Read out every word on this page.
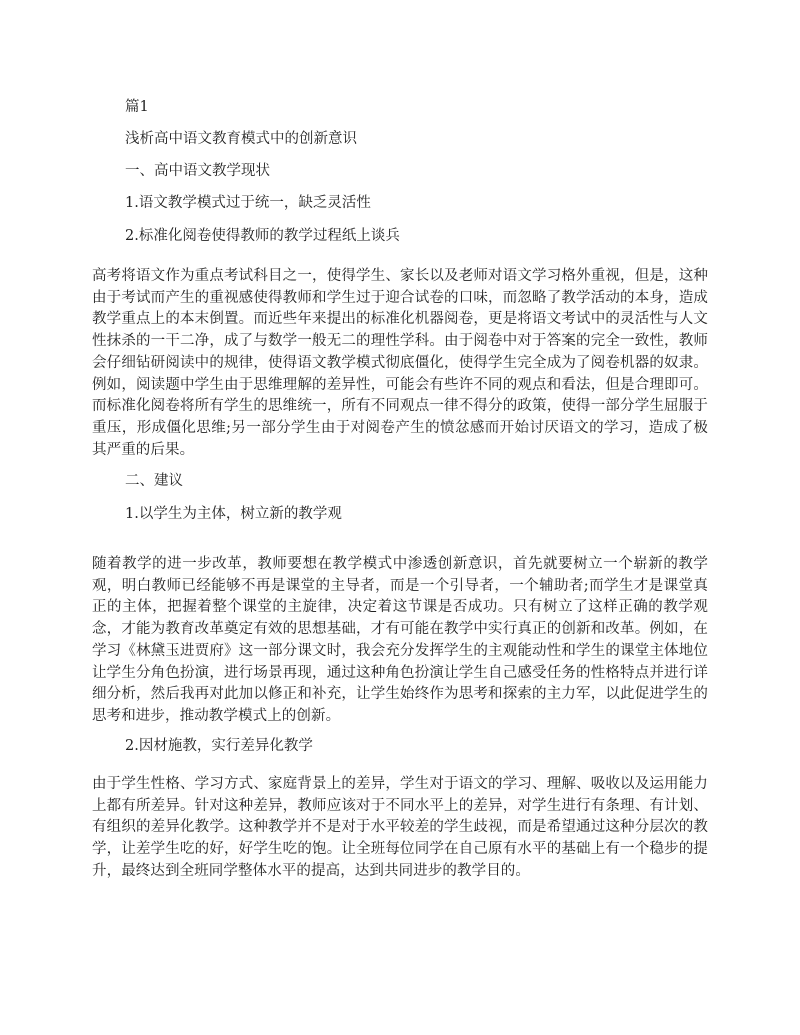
篇1
浅析高中语文教育模式中的创新意识
一、高中语文教学现状
1.语文教学模式过于统一，缺乏灵活性
2.标准化阅卷使得教师的教学过程纸上谈兵
高考将语文作为重点考试科目之一，使得学生、家长以及老师对语文学习格外重视，但是，这种由于考试而产生的重视感使得教师和学生过于迎合试卷的口味，而忽略了教学活动的本身，造成教学重点上的本末倒置。而近些年来提出的标准化机器阅卷，更是将语文考试中的灵活性与人文性抹杀的一干二净，成了与数学一般无二的理性学科。由于阅卷中对于答案的完全一致性，教师会仔细钻研阅读中的规律，使得语文教学模式彻底僵化，使得学生完全成为了阅卷机器的奴隶。例如，阅读题中学生由于思维理解的差异性，可能会有些许不同的观点和看法，但是合理即可。而标准化阅卷将所有学生的思维统一，所有不同观点一律不得分的政策，使得一部分学生屈服于重压，形成僵化思维;另一部分学生由于对阅卷产生的愤忿感而开始讨厌语文的学习，造成了极其严重的后果。
二、建议
1.以学生为主体，树立新的教学观
随着教学的进一步改革，教师要想在教学模式中渗透创新意识，首先就要树立一个崭新的教学观，明白教师已经能够不再是课堂的主导者，而是一个引导者，一个辅助者;而学生才是课堂真正的主体，把握着整个课堂的主旋律，决定着这节课是否成功。只有树立了这样正确的教学观念，才能为教育改革奠定有效的思想基础，才有可能在教学中实行真正的创新和改革。例如，在学习《林黛玉进贾府》这一部分课文时，我会充分发挥学生的主观能动性和学生的课堂主体地位让学生分角色扮演，进行场景再现，通过这种角色扮演让学生自己感受任务的性格特点并进行详细分析，然后我再对此加以修正和补充，让学生始终作为思考和探索的主力军，以此促进学生的思考和进步，推动教学模式上的创新。
2.因材施教，实行差异化教学
由于学生性格、学习方式、家庭背景上的差异，学生对于语文的学习、理解、吸收以及运用能力上都有所差异。针对这种差异，教师应该对于不同水平上的差异，对学生进行有条理、有计划、有组织的差异化教学。这种教学并不是对于水平较差的学生歧视，而是希望通过这种分层次的教学，让差学生吃的好，好学生吃的饱。让全班每位同学在自己原有水平的基础上有一个稳步的提升，最终达到全班同学整体水平的提高，达到共同进步的教学目的。
